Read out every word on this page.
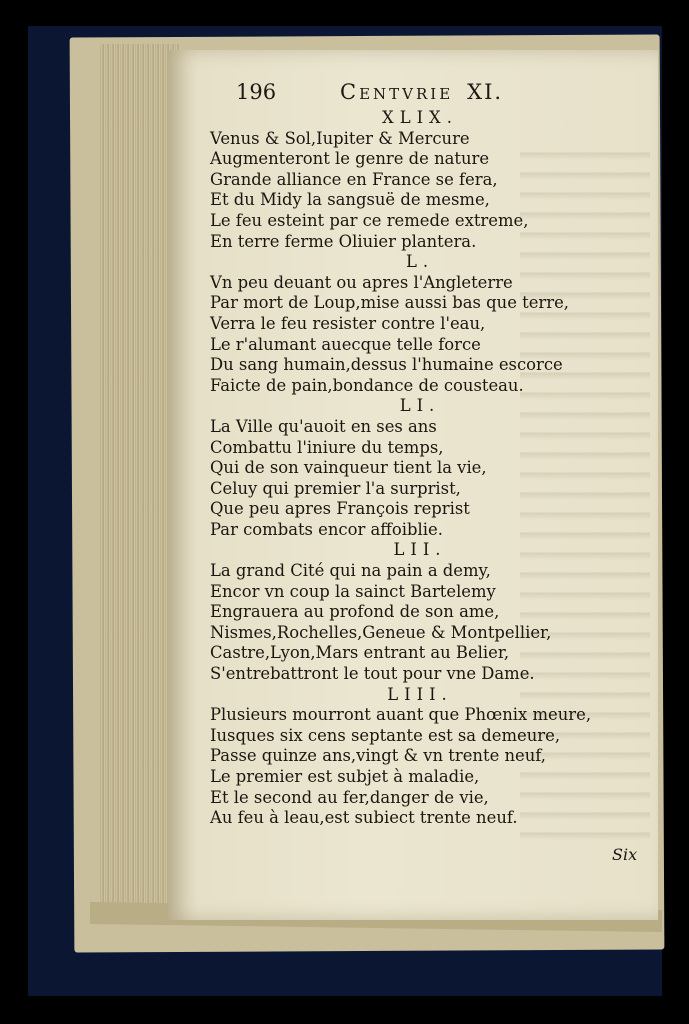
196	Centvrie XI.
XLIX.
Venus & Sol,Iupiter & Mercure
Augmenteront le genre de nature
Grande alliance en France se fera,
Et du Midy la sangsuë de mesme,
Le feu esteint par ce remede extreme,
En terre ferme Oliuier plantera.
L.
Vn peu deuant ou apres l'Angleterre
Par mort de Loup,mise aussi bas que terre,
Verra le feu resister contre l'eau,
Le r'alumant auecque telle force
Du sang humain,dessus l'humaine escorce
Faicte de pain,bondance de cousteau.
LI.
La Ville qu'auoit en ses ans
Combattu l'iniure du temps,
Qui de son vainqueur tient la vie,
Celuy qui premier l'a surprist,
Que peu apres François reprist
Par combats encor affoiblie.
LII.
La grand Cité qui na pain a demy,
Encor vn coup la sainct Bartelemy
Engrauera au profond de son ame,
Nismes,Rochelles,Geneue & Montpellier,
Castre,Lyon,Mars entrant au Belier,
S'entrebattront le tout pour vne Dame.
LIII.
Plusieurs mourront auant que Phœnix meure,
Iusques six cens septante est sa demeure,
Passe quinze ans,vingt & vn trente neuf,
Le premier est subjet à maladie,
Et le second au fer,danger de vie,
Au feu à leau,est subiect trente neuf.
Six
